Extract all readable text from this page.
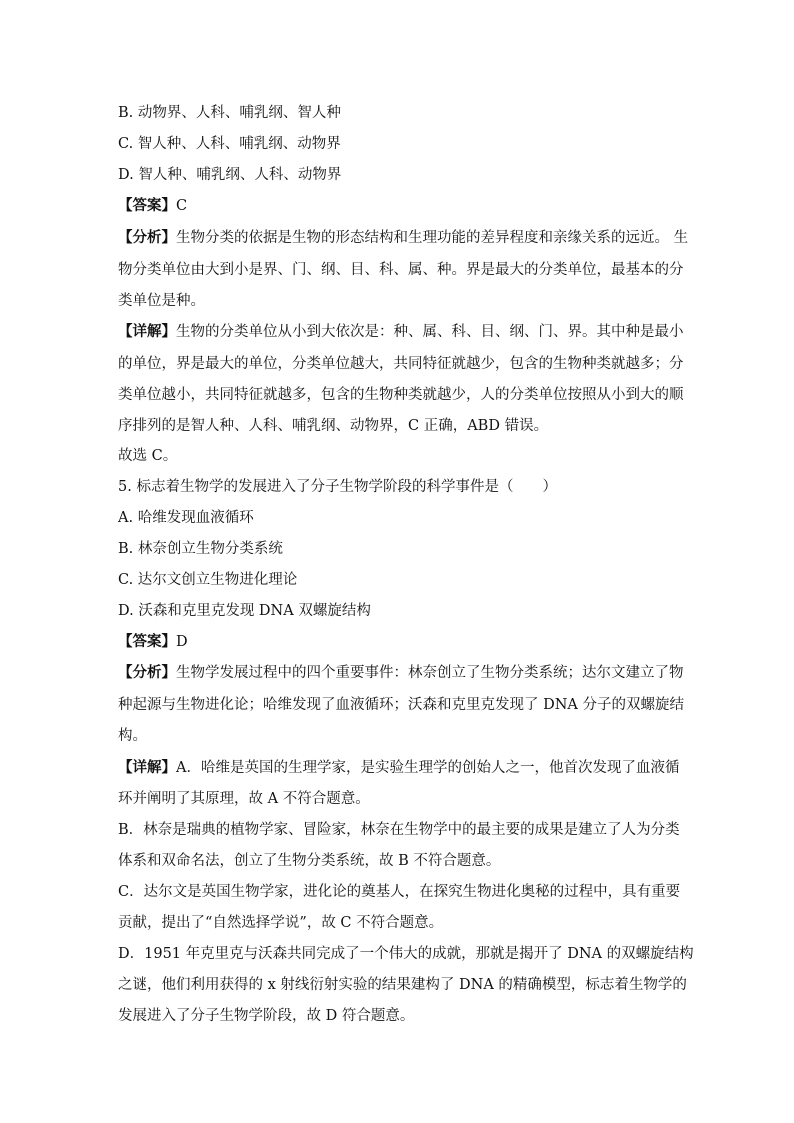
B. 动物界、人科、哺乳纲、智人种
C. 智人种、人科、哺乳纲、动物界
D. 智人种、哺乳纲、人科、动物界
【答案】C
【分析】生物分类的依据是生物的形态结构和生理功能的差异程度和亲缘关系的远近。 生
物分类单位由大到小是界、门、纲、目、科、属、种。界是最大的分类单位，最基本的分
类单位是种。
【详解】生物的分类单位从小到大依次是：种、属、科、目、纲、门、界。其中种是最小
的单位，界是最大的单位，分类单位越大，共同特征就越少，包含的生物种类就越多；分
类单位越小，共同特征就越多，包含的生物种类就越少，人的分类单位按照从小到大的顺
序排列的是智人种、人科、哺乳纲、动物界，C 正确，ABD 错误。
故选 C。
5. 标志着生物学的发展进入了分子生物学阶段的科学事件是（　　）
A. 哈维发现血液循环
B. 林奈创立生物分类系统
C. 达尔文创立生物进化理论
D. 沃森和克里克发现 DNA 双螺旋结构
【答案】D
【分析】生物学发展过程中的四个重要事件：林奈创立了生物分类系统；达尔文建立了物
种起源与生物进化论；哈维发现了血液循环；沃森和克里克发现了 DNA 分子的双螺旋结
构。
【详解】A．哈维是英国的生理学家，是实验生理学的创始人之一，他首次发现了血液循
环并阐明了其原理，故 A 不符合题意。
B．林奈是瑞典的植物学家、冒险家，林奈在生物学中的最主要的成果是建立了人为分类
体系和双命名法，创立了生物分类系统，故 B 不符合题意。
C．达尔文是英国生物学家，进化论的奠基人，在探究生物进化奥秘的过程中，具有重要
贡献，提出了“自然选择学说”，故 C 不符合题意。
D．1951 年克里克与沃森共同完成了一个伟大的成就，那就是揭开了 DNA 的双螺旋结构
之谜，他们利用获得的 x 射线衍射实验的结果建构了 DNA 的精确模型，标志着生物学的
发展进入了分子生物学阶段，故 D 符合题意。
